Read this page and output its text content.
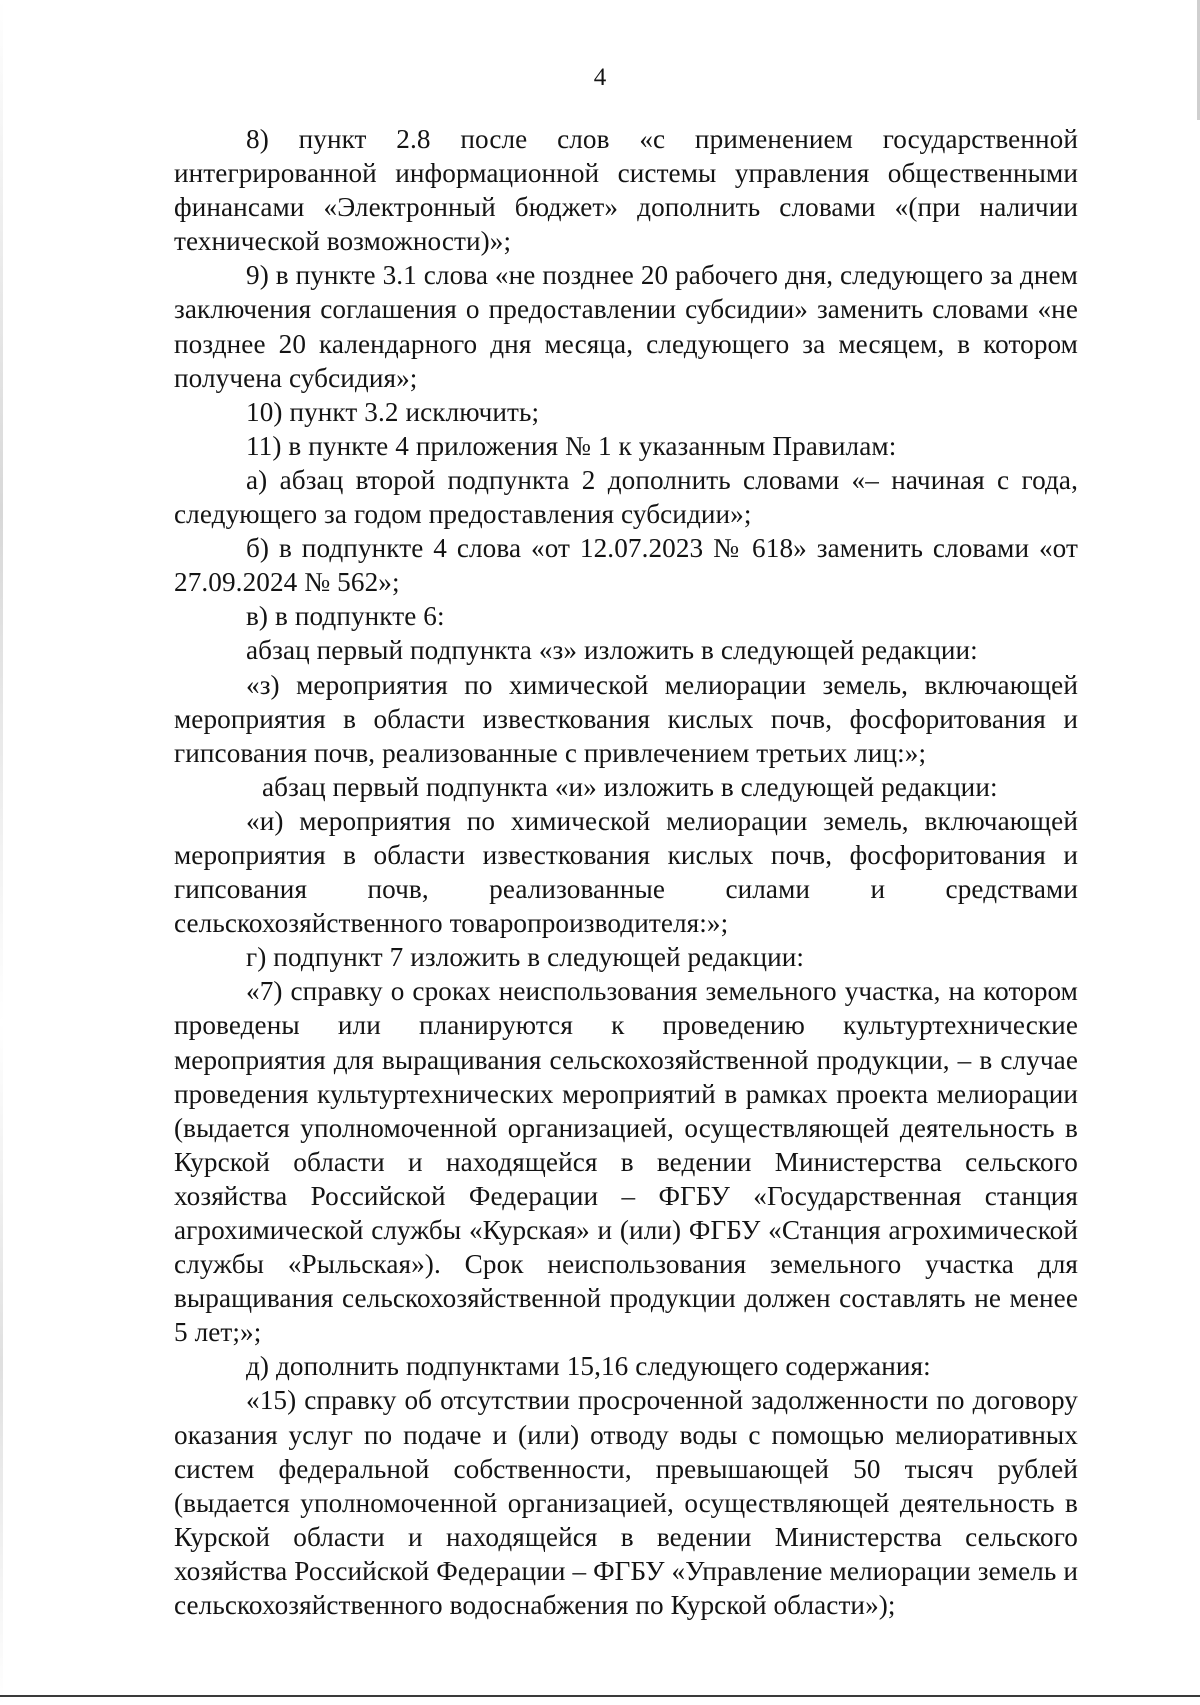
4

8) пункт 2.8 после слов «с применением государственной интегрированной информационной системы управления общественными финансами «Электронный бюджет» дополнить словами «(при наличии технической возможности)»;

9) в пункте 3.1 слова «не позднее 20 рабочего дня, следующего за днем заключения соглашения о предоставлении субсидии» заменить словами «не позднее 20 календарного дня месяца, следующего за месяцем, в котором получена субсидия»;

10) пункт 3.2 исключить;

11) в пункте 4 приложения № 1 к указанным Правилам:

а) абзац второй подпункта 2 дополнить словами «– начиная с года, следующего за годом предоставления субсидии»;

б) в подпункте 4 слова «от 12.07.2023 № 618» заменить словами «от 27.09.2024 № 562»;

в) в подпункте 6:

абзац первый подпункта «з» изложить в следующей редакции:

«з) мероприятия по химической мелиорации земель, включающей мероприятия в области известкования кислых почв, фосфоритования и гипсования почв, реализованные с привлечением третьих лиц:»;

абзац первый подпункта «и» изложить в следующей редакции:

«и) мероприятия по химической мелиорации земель, включающей мероприятия в области известкования кислых почв, фосфоритования и гипсования почв, реализованные силами и средствами сельскохозяйственного товаропроизводителя:»;

г) подпункт 7 изложить в следующей редакции:

«7) справку о сроках неиспользования земельного участка, на котором проведены или планируются к проведению культуртехнические мероприятия для выращивания сельскохозяйственной продукции, – в случае проведения культуртехнических мероприятий в рамках проекта мелиорации (выдается уполномоченной организацией, осуществляющей деятельность в Курской области и находящейся в ведении Министерства сельского хозяйства Российской Федерации – ФГБУ «Государственная станция агрохимической службы «Курская» и (или) ФГБУ «Станция агрохимической службы «Рыльская»). Срок неиспользования земельного участка для выращивания сельскохозяйственной продукции должен составлять не менее 5 лет;»;

д) дополнить подпунктами 15,16 следующего содержания:

«15) справку об отсутствии просроченной задолженности по договору оказания услуг по подаче и (или) отводу воды с помощью мелиоративных систем федеральной собственности, превышающей 50 тысяч рублей (выдается уполномоченной организацией, осуществляющей деятельность в Курской области и находящейся в ведении Министерства сельского хозяйства Российской Федерации – ФГБУ «Управление мелиорации земель и сельскохозяйственного водоснабжения по Курской области»);
